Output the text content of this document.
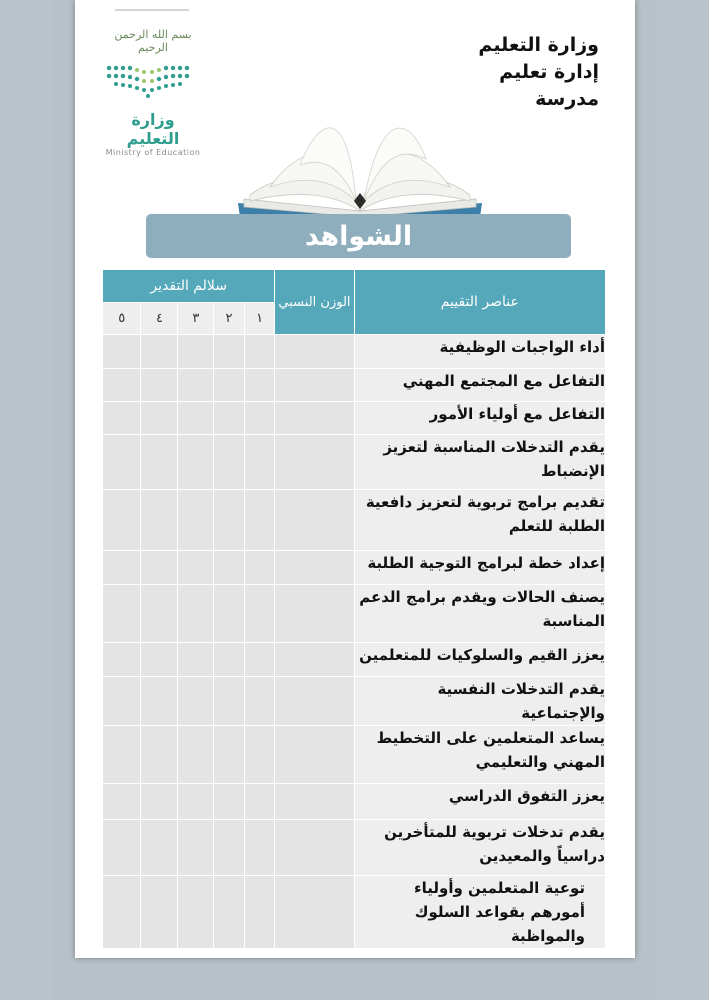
وزارة التعليم
إدارة تعليم
مدرسة
بسم الله الرحمن الرحيم
وزارة التعليم
Ministry of Education
الشواهد
عناصر التقييم	الوزن النسبي	سلالم التقدير				
		١	٢	٣	٤	٥
أداء الواجبات الوظيفية						
التفاعل مع المجتمع المهني						
التفاعل مع أولياء الأمور						
يقدم التدخلات المناسبة لتعزيز الإنضباط						
تقديم برامج تربوية لتعزيز دافعية الطلبة للتعلم						
إعداد خطة لبرامج التوجية الطلبة						
يصنف الحالات ويقدم برامج الدعم المناسبة						
يعزز القيم والسلوكيات للمتعلمين						
يقدم التدخلات النفسية والإجتماعية						
يساعد المتعلمين على التخطيط المهني والتعليمي						
يعزز التفوق الدراسي						
يقدم تدخلات تربوية للمتأخرين دراسياً والمعيدين						
توعية المتعلمين وأولياء أمورهم بقواعد السلوك والمواظبة						
